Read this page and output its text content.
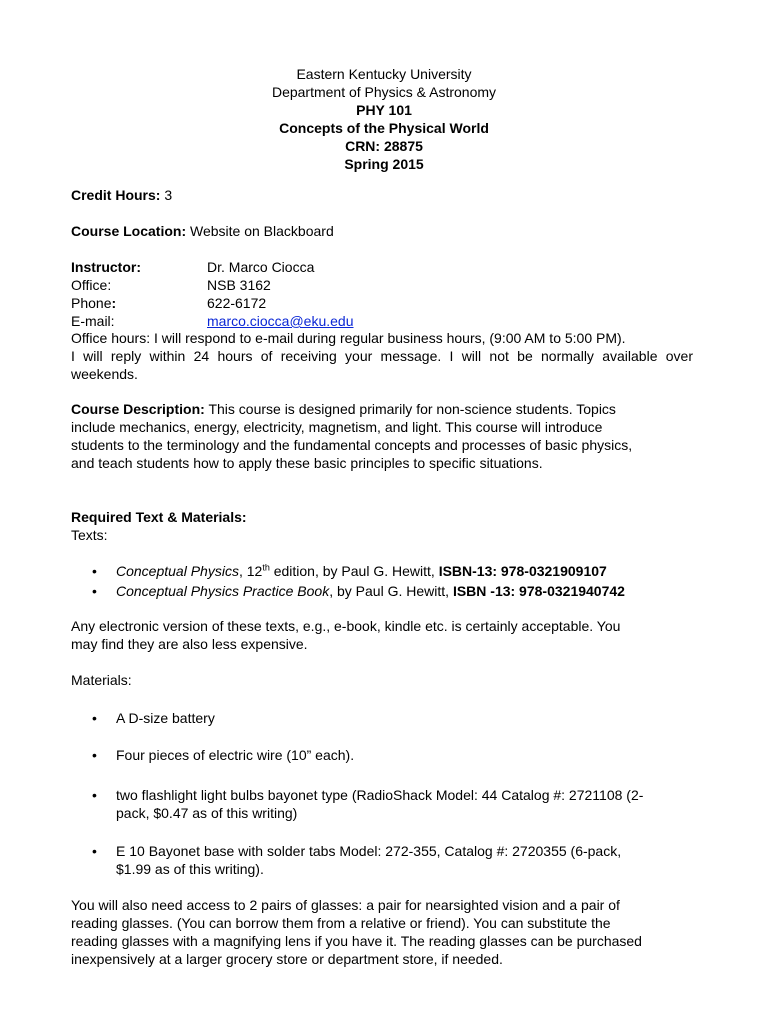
Eastern Kentucky University
Department of Physics & Astronomy
PHY 101
Concepts of the Physical World
CRN: 28875
Spring 2015
Credit Hours: 3
Course Location: Website on Blackboard
Instructor:	Dr. Marco Ciocca
Office:	NSB 3162
Phone:	622-6172
E-mail:	marco.ciocca@eku.edu
Office hours: I will respond to e-mail during regular business hours, (9:00 AM to 5:00 PM).
I will reply within 24 hours of receiving your message. I will not be normally available over
weekends.
Course Description: This course is designed primarily for non-science students. Topics
include mechanics, energy, electricity, magnetism, and light. This course will introduce
students to the terminology and the fundamental concepts and processes of basic physics,
and teach students how to apply these basic principles to specific situations.
Required Text & Materials:
Texts:
• Conceptual Physics, 12th edition, by Paul G. Hewitt, ISBN-13: 978-0321909107
• Conceptual Physics Practice Book, by Paul G. Hewitt, ISBN -13: 978-0321940742
Any electronic version of these texts, e.g., e-book, kindle etc. is certainly acceptable. You
may find they are also less expensive.
Materials:
• A D-size battery
• Four pieces of electric wire (10” each).
• two flashlight light bulbs bayonet type (RadioShack Model: 44 Catalog #: 2721108 (2-
pack, $0.47 as of this writing)
• E 10 Bayonet base with solder tabs Model: 272-355, Catalog #: 2720355 (6-pack,
$1.99 as of this writing).
You will also need access to 2 pairs of glasses: a pair for nearsighted vision and a pair of
reading glasses. (You can borrow them from a relative or friend). You can substitute the
reading glasses with a magnifying lens if you have it. The reading glasses can be purchased
inexpensively at a larger grocery store or department store, if needed.
